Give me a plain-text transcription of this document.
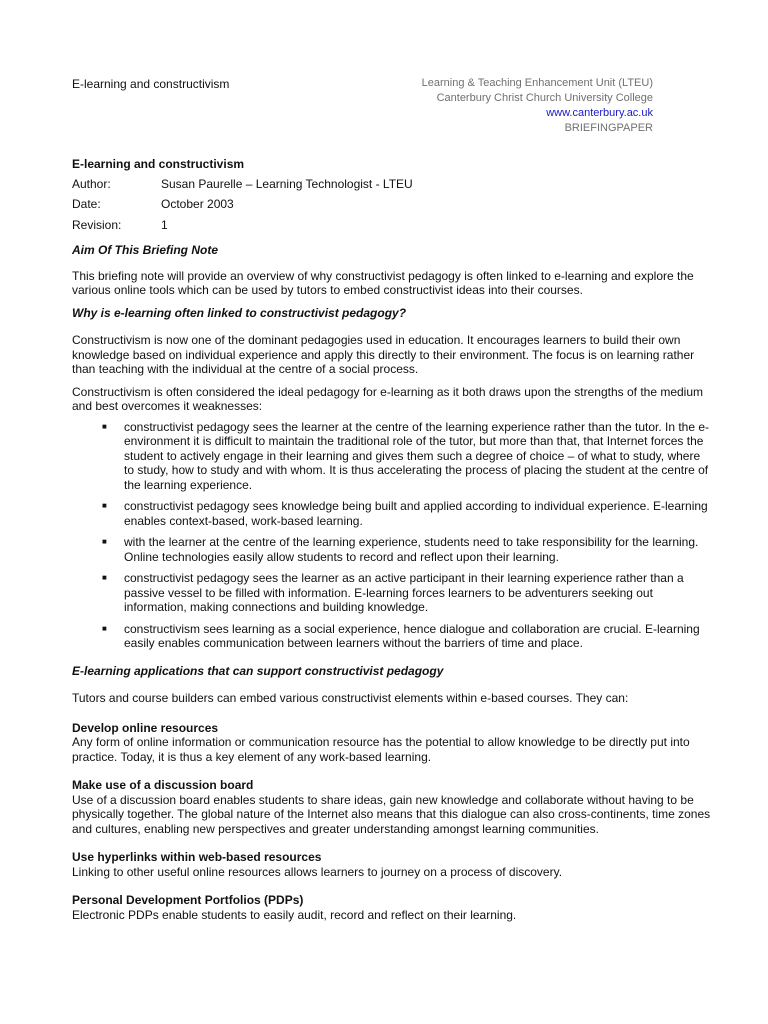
E-learning and constructivism	Learning & Teaching Enhancement Unit (LTEU)
Canterbury Christ Church University College
www.canterbury.ac.uk
BRIEFINGPAPER
E-learning and constructivism
Author:	Susan Paurelle – Learning Technologist - LTEU
Date:	October 2003
Revision:	1
Aim Of This Briefing Note

This briefing note will provide an overview of why constructivist pedagogy is often linked to e-learning and explore the various online tools which can be used by tutors to embed constructivist ideas into their courses.

Why is e-learning often linked to constructivist pedagogy?

Constructivism is now one of the dominant pedagogies used in education. It encourages learners to build their own knowledge based on individual experience and apply this directly to their environment. The focus is on learning rather than teaching with the individual at the centre of a social process.

Constructivism is often considered the ideal pedagogy for e-learning as it both draws upon the strengths of the medium and best overcomes it weaknesses:

■ constructivist pedagogy sees the learner at the centre of the learning experience rather than the tutor. In the e-environment it is difficult to maintain the traditional role of the tutor, but more than that, that Internet forces the student to actively engage in their learning and gives them such a degree of choice – of what to study, where to study, how to study and with whom. It is thus accelerating the process of placing the student at the centre of the learning experience.
■ constructivist pedagogy sees knowledge being built and applied according to individual experience. E-learning enables context-based, work-based learning.
■ with the learner at the centre of the learning experience, students need to take responsibility for the learning. Online technologies easily allow students to record and reflect upon their learning.
■ constructivist pedagogy sees the learner as an active participant in their learning experience rather than a passive vessel to be filled with information. E-learning forces learners to be adventurers seeking out information, making connections and building knowledge.
■ constructivism sees learning as a social experience, hence dialogue and collaboration are crucial. E-learning easily enables communication between learners without the barriers of time and place.
E-learning applications that can support constructivist pedagogy

Tutors and course builders can embed various constructivist elements within e-based courses. They can:

Develop online resources

Any form of online information or communication resource has the potential to allow knowledge to be directly put into practice. Today, it is thus a key element of any work-based learning.

Make use of a discussion board

Use of a discussion board enables students to share ideas, gain new knowledge and collaborate without having to be physically together. The global nature of the Internet also means that this dialogue can also cross-continents, time zones and cultures, enabling new perspectives and greater understanding amongst learning communities.

Use hyperlinks within web-based resources

Linking to other useful online resources allows learners to journey on a process of discovery.

Personal Development Portfolios (PDPs)

Electronic PDPs enable students to easily audit, record and reflect on their learning.
